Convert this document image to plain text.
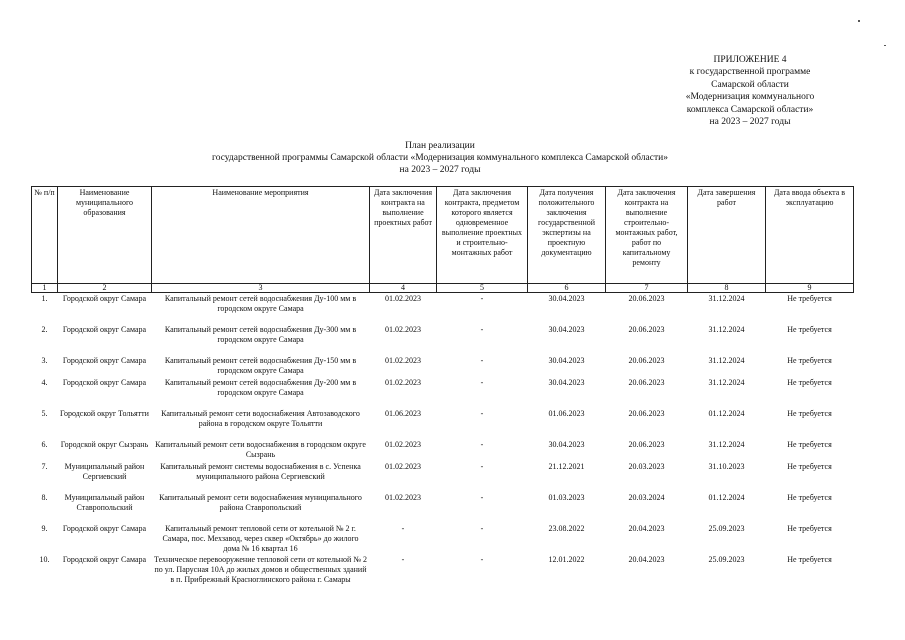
ПРИЛОЖЕНИЕ 4
к государственной программе
Самарской области
«Модернизация коммунального
комплекса Самарской области»
на 2023 – 2027 годы
План реализации
государственной программы Самарской области «Модернизация коммунального комплекса Самарской области»
на 2023 – 2027 годы
№ п/п	Наименование муниципального образования	Наименование мероприятия	Дата заключения контракта на выполнение проектных работ	Дата заключения контракта, предметом которого является одновременное выполнение проектных и строительно-монтажных работ	Дата получения положительного заключения государственной экспертизы на проектную документацию	Дата заключения контракта на выполнение строительно-монтажных работ, работ по капитальному ремонту	Дата завершения работ	Дата ввода объекта в эксплуатацию
1	2	3	4	5	6	7	8	9
1.	Городской округ Самара	Капитальный ремонт сетей водоснабжения Ду-100 мм в городском округе Самара	01.02.2023	-	30.04.2023	20.06.2023	31.12.2024	Не требуется
2.	Городской округ Самара	Капитальный ремонт сетей водоснабжения Ду-300 мм в городском округе Самара	01.02.2023	-	30.04.2023	20.06.2023	31.12.2024	Не требуется
3.	Городской округ Самара	Капитальный ремонт сетей водоснабжения Ду-150 мм в городском округе Самара	01.02.2023	-	30.04.2023	20.06.2023	31.12.2024	Не требуется
4.	Городской округ Самара	Капитальный ремонт сетей водоснабжения Ду-200 мм в городском округе Самара	01.02.2023	-	30.04.2023	20.06.2023	31.12.2024	Не требуется
5.	Городской округ Тольятти	Капитальный ремонт сети водоснабжения Автозаводского района в городском округе Тольятти	01.06.2023	-	01.06.2023	20.06.2023	01.12.2024	Не требуется
6.	Городской округ Сызрань	Капитальный ремонт сети водоснабжения в городском округе Сызрань	01.02.2023	-	30.04.2023	20.06.2023	31.12.2024	Не требуется
7.	Муниципальный район Сергиевский	Капитальный ремонт системы водоснабжения в с. Успенка муниципального района Сергиевский	01.02.2023	-	21.12.2021	20.03.2023	31.10.2023	Не требуется
8.	Муниципальный район Ставропольский	Капитальный ремонт сети водоснабжения муниципального района Ставропольский	01.02.2023	-	01.03.2023	20.03.2024	01.12.2024	Не требуется
9.	Городской округ Самара	Капитальный ремонт тепловой сети от котельной № 2 г. Самара, пос. Мехзавод, через сквер «Октябрь» до жилого дома № 16 квартал 16	-	-	23.08.2022	20.04.2023	25.09.2023	Не требуется
10.	Городской округ Самара	Техническое перевооружение тепловой сети от котельной № 2 по ул. Парусная 10А до жилых домов и общественных зданий в п. Прибрежный Красноглинского района г. Самары	-	-	12.01.2022	20.04.2023	25.09.2023	Не требуется
